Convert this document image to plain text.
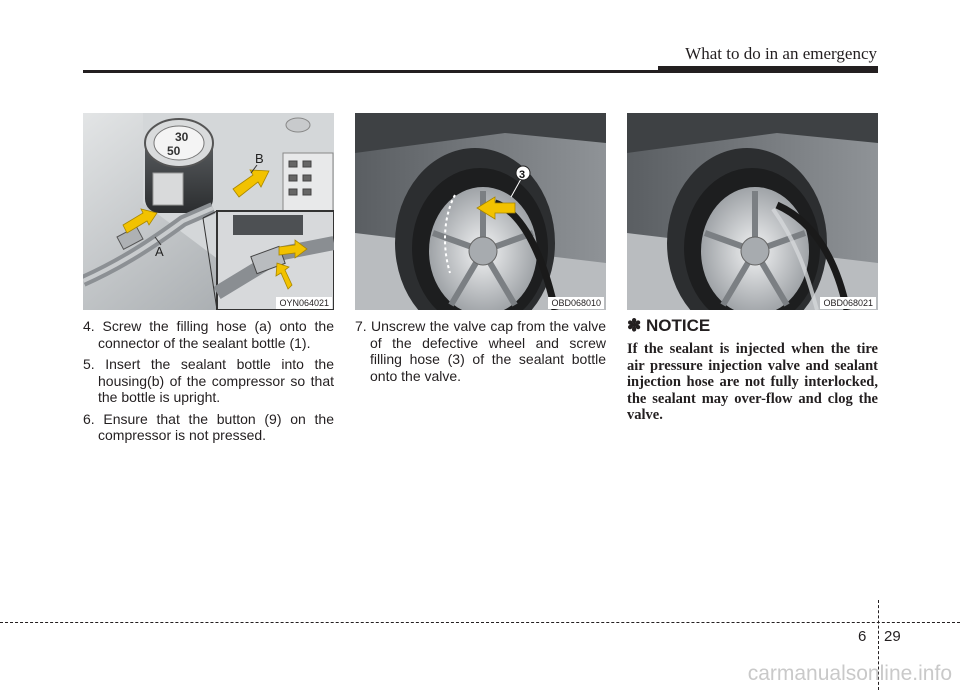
What to do in an emergency
30
50
A
B
OYN064021
3
OBD068010	OBD068021
4. Screw the filling hose (a) onto the connector of the sealant bottle (1).
5. Insert the sealant bottle into the housing(b) of the compressor so that the bottle is upright.
6. Ensure that the button (9) on the compressor is not pressed.
7. Unscrew the valve cap from the valve of the defective wheel and screw filling hose (3) of the sealant bottle onto the valve.
✽ NOTICE
If the sealant is injected when the tire air pressure injection valve and sealant injection hose are not fully interlocked, the sealant may over-flow and clog the valve.
6 29
carmanualsonline.info
